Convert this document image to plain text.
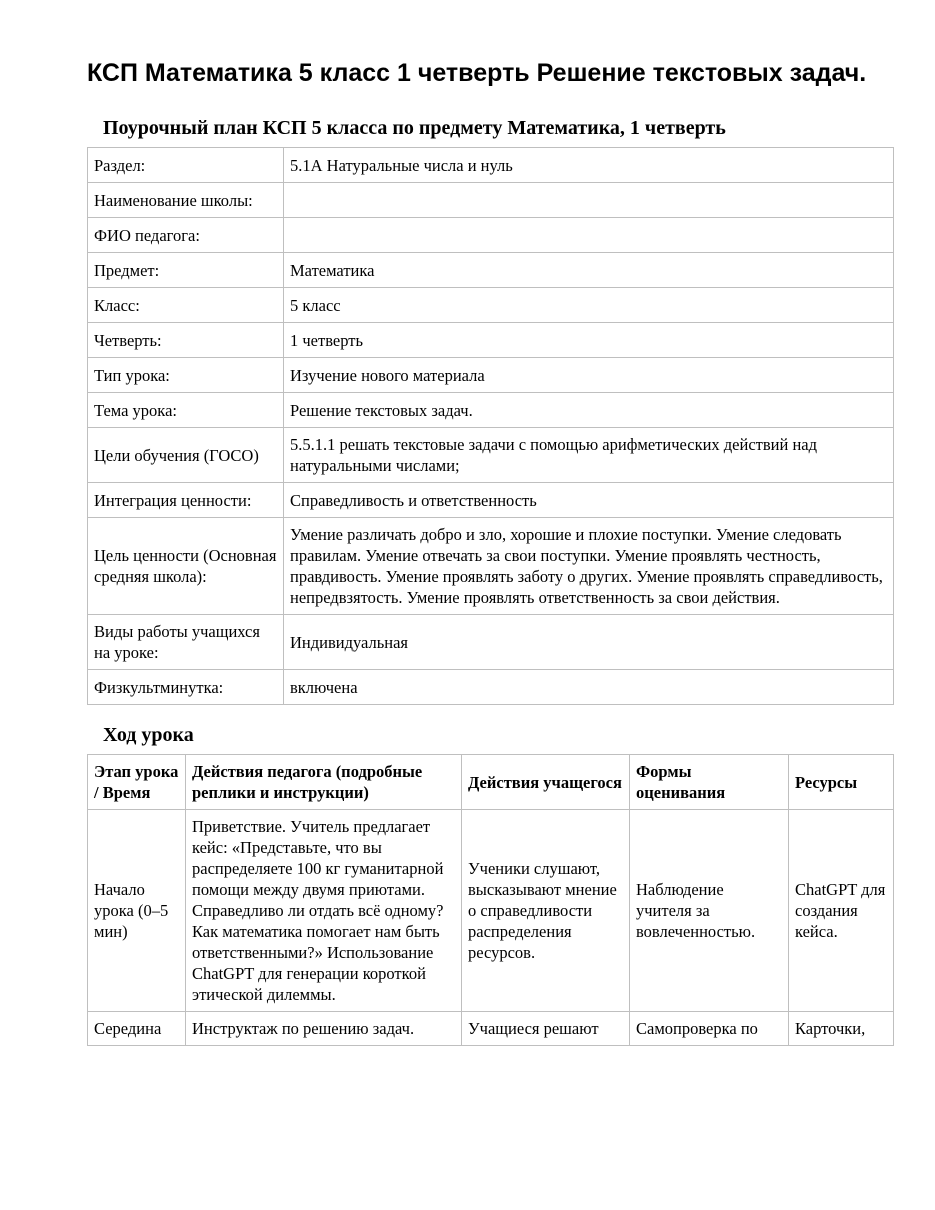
КСП Математика 5 класс 1 четверть Решение текстовых задач.
Поурочный план КСП 5 класса по предмету Математика, 1 четверть
Раздел:	5.1А Натуральные числа и нуль
Наименование школы:	
ФИО педагога:	
Предмет:	Математика
Класс:	5 класс
Четверть:	1 четверть
Тип урока:	Изучение нового материала
Тема урока:	Решение текстовых задач.
Цели обучения (ГОСО)	5.5.1.1 решать текстовые задачи с помощью арифметических действий над натуральными числами;
Интеграция ценности:	Справедливость и ответственность
Цель ценности (Основная средняя школа):	Умение различать добро и зло, хорошие и плохие поступки. Умение следовать правилам. Умение отвечать за свои поступки. Умение проявлять честность, правдивость. Умение проявлять заботу о других. Умение проявлять справедливость, непредвзятость. Умение проявлять ответственность за свои действия.
Виды работы учащихся на уроке:	Индивидуальная
Физкультминутка:	включена
Ход урока
Этап урока / Время	Действия педагога (подробные реплики и инструкции)	Действия учащегося	Формы оценивания	Ресурсы
Начало урока (0–5 мин)	Приветствие. Учитель предлагает кейс: «Представьте, что вы распределяете 100 кг гуманитарной помощи между двумя приютами. Справедливо ли отдать всё одному? Как математика помогает нам быть ответственными?» Использование ChatGPT для генерации короткой этической дилеммы.	Ученики слушают, высказывают мнение о справедливости распределения ресурсов.	Наблюдение учителя за вовлеченностью.	ChatGPT для создания кейса.
Середина	Инструктаж по решению задач.	Учащиеся решают	Самопроверка по	Карточки,
